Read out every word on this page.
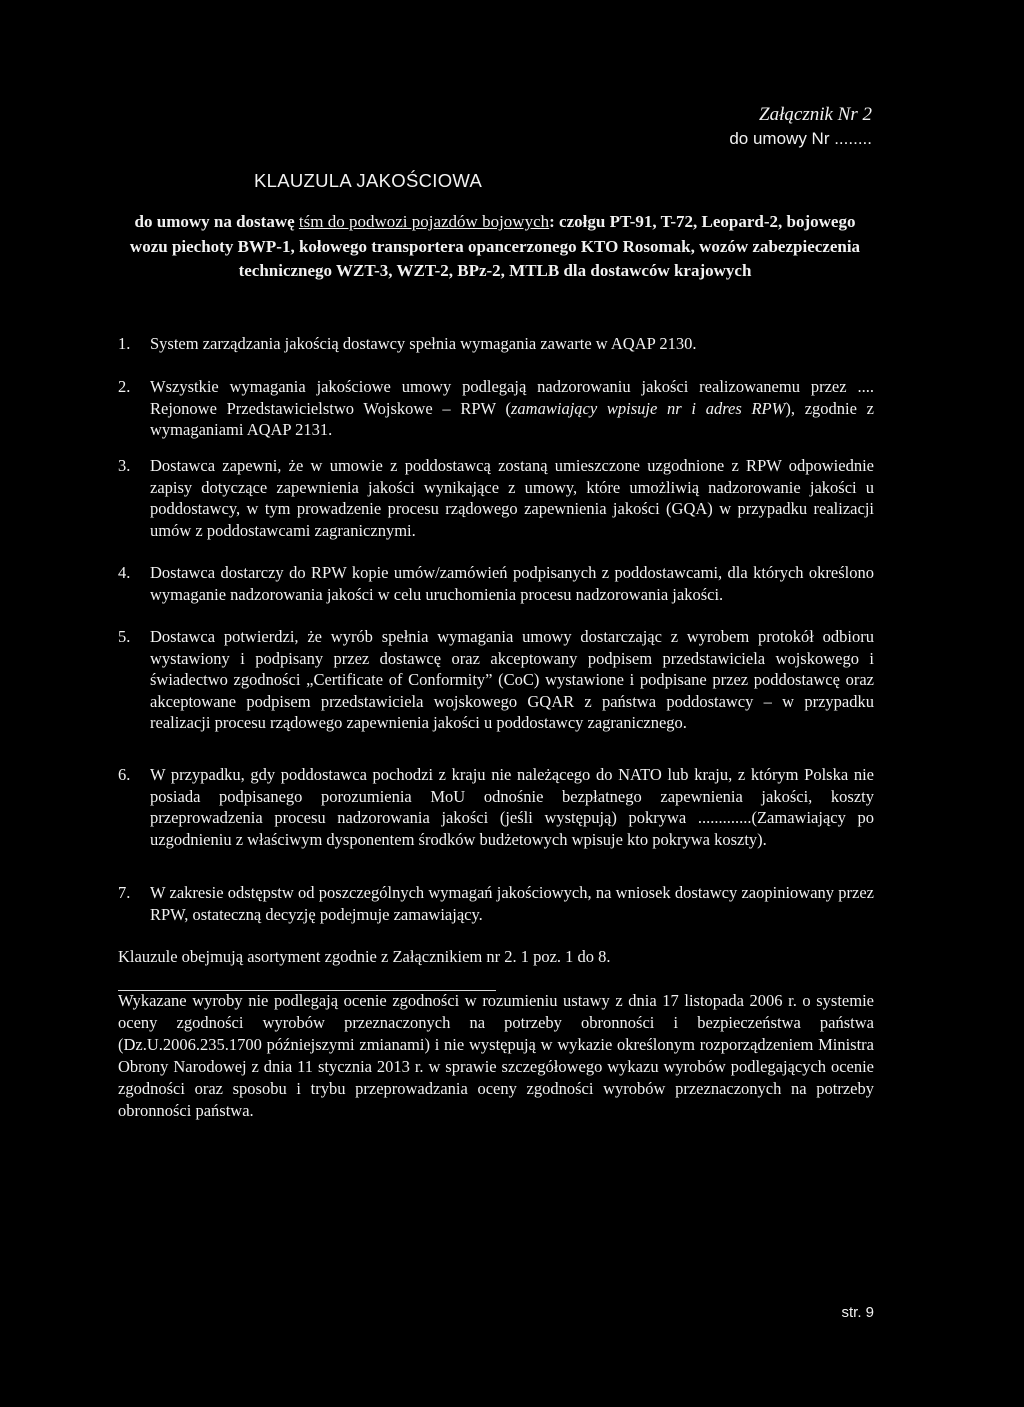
Załącznik Nr 2
do umowy Nr ........
KLAUZULA JAKOŚCIOWA
do umowy na dostawę tśm do podwozi pojazdów bojowych: czołgu PT-91, T-72, Leopard-2, bojowego wozu piechoty BWP-1, kołowego transportera opancerzonego KTO Rosomak, wozów zabezpieczenia technicznego WZT-3, WZT-2, BPz-2, MTLB dla dostawców krajowych
1.	System zarządzania jakością dostawcy spełnia wymagania zawarte w AQAP 2130.
2.	Wszystkie wymagania jakościowe umowy podlegają nadzorowaniu jakości realizowanemu przez .... Rejonowe Przedstawicielstwo Wojskowe – RPW (zamawiający wpisuje nr i adres RPW), zgodnie z wymaganiami AQAP 2131.
3.	Dostawca zapewni, że w umowie z poddostawcą zostaną umieszczone uzgodnione z RPW odpowiednie zapisy dotyczące zapewnienia jakości wynikające z umowy, które umożliwią nadzorowanie jakości u poddostawcy, w tym prowadzenie procesu rządowego zapewnienia jakości (GQA) w przypadku realizacji umów z poddostawcami zagranicznymi.
4.	Dostawca dostarczy do RPW kopie umów/zamówień podpisanych z poddostawcami, dla których określono wymaganie nadzorowania jakości w celu uruchomienia procesu nadzorowania jakości.
5.	Dostawca potwierdzi, że wyrób spełnia wymagania umowy dostarczając z wyrobem protokół odbioru wystawiony i podpisany przez dostawcę oraz akceptowany podpisem przedstawiciela wojskowego i świadectwo zgodności „Certificate of Conformity” (CoC) wystawione i podpisane przez poddostawcę oraz akceptowane podpisem przedstawiciela wojskowego GQAR z państwa poddostawcy – w przypadku realizacji procesu rządowego zapewnienia jakości u poddostawcy zagranicznego.
6.	W przypadku, gdy poddostawca pochodzi z kraju nie należącego do NATO lub kraju, z którym Polska nie posiada podpisanego porozumienia MoU odnośnie bezpłatnego zapewnienia jakości, koszty przeprowadzenia procesu nadzorowania jakości (jeśli występują) pokrywa .............(Zamawiający po uzgodnieniu z właściwym dysponentem środków budżetowych wpisuje kto pokrywa koszty).
7.	W zakresie odstępstw od poszczególnych wymagań jakościowych, na wniosek dostawcy zaopiniowany przez RPW, ostateczną decyzję podejmuje zamawiający.
Klauzule obejmują asortyment zgodnie z Załącznikiem nr 2. 1 poz. 1 do 8.
Wykazane wyroby nie podlegają ocenie zgodności w rozumieniu ustawy z dnia 17 listopada 2006 r. o systemie oceny zgodności wyrobów przeznaczonych na potrzeby obronności i bezpieczeństwa państwa (Dz.U.2006.235.1700 późniejszymi zmianami) i nie występują w wykazie określonym rozporządzeniem Ministra Obrony Narodowej z dnia 11 stycznia 2013 r. w sprawie szczegółowego wykazu wyrobów podlegających ocenie zgodności oraz sposobu i trybu przeprowadzania oceny zgodności wyrobów przeznaczonych na potrzeby obronności państwa.
str. 9
